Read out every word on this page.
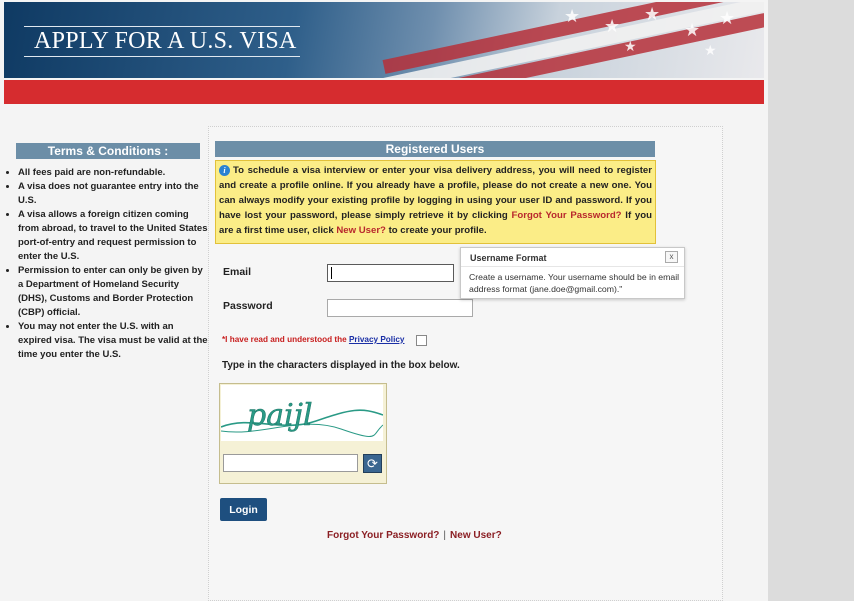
★ ★
★
★
★
★	★
APPLY FOR A U.S. VISA
Terms & Conditions :
• All fees paid are non-refundable.
• A visa does not guarantee entry into the U.S.
• A visa allows a foreign citizen coming from abroad, to travel to the United States port-of-entry and request permission to enter the U.S.
• Permission to enter can only be given by a Department of Homeland Security (DHS), Customs and Border Protection (CBP) official.
• You may not enter the U.S. with an expired visa. The visa must be valid at the time you enter the U.S.
Registered Users
i To schedule a visa interview or enter your visa delivery address, you will need to register and create a profile online. If you already have a profile, please do not create a new one. You can always modify your existing profile by logging in using your user ID and password. If you have lost your password, please simply retrieve it by clicking Forgot Your Password? If you are a first time user, click New User? to create your profile.
Email
Password
Username Format	x
Create a username. Your username should be in email address format (jane.doe@gmail.com)."
*I have read and understood the Privacy Policy
Type in the characters displayed in the box below.
paijl
⟳
Login
Forgot Your Password? | New User?
